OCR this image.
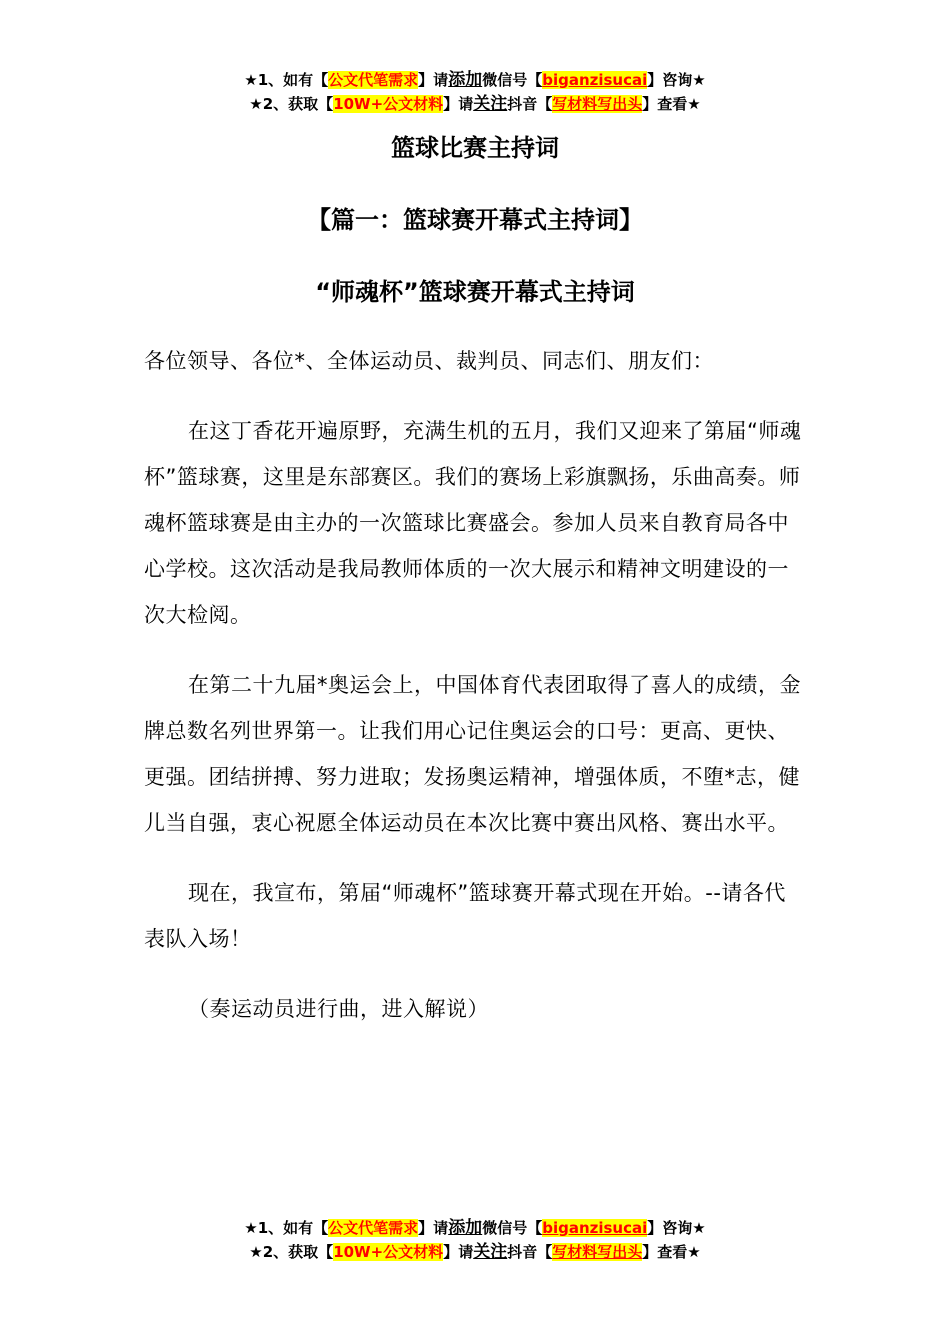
★1、如有【公文代笔需求】请添加微信号【biganzisucai】咨询★
★2、获取【10W+公文材料】请关注抖音【写材料写出头】查看★
篮球比赛主持词
【篇一：篮球赛开幕式主持词】
“师魂杯”篮球赛开幕式主持词

各位领导、各位*、全体运动员、裁判员、同志们、朋友们：

在这丁香花开遍原野，充满生机的五月，我们又迎来了第届“师魂杯”篮球赛，这里是东部赛区。我们的赛场上彩旗飘扬，乐曲高奏。师魂杯篮球赛是由主办的一次篮球比赛盛会。参加人员来自教育局各中心学校。这次活动是我局教师体质的一次大展示和精神文明建设的一次大检阅。

在第二十九届*奥运会上，中国体育代表团取得了喜人的成绩，金牌总数名列世界第一。让我们用心记住奥运会的口号：更高、更快、更强。团结拼搏、努力进取；发扬奥运精神，增强体质，不堕*志，健儿当自强，衷心祝愿全体运动员在本次比赛中赛出风格、赛出水平。

现在，我宣布，第届“师魂杯”篮球赛开幕式现在开始。--请各代表队入场！

（奏运动员进行曲，进入解说）

★1、如有【公文代笔需求】请添加微信号【biganzisucai】咨询★
★2、获取【10W+公文材料】请关注抖音【写材料写出头】查看★
